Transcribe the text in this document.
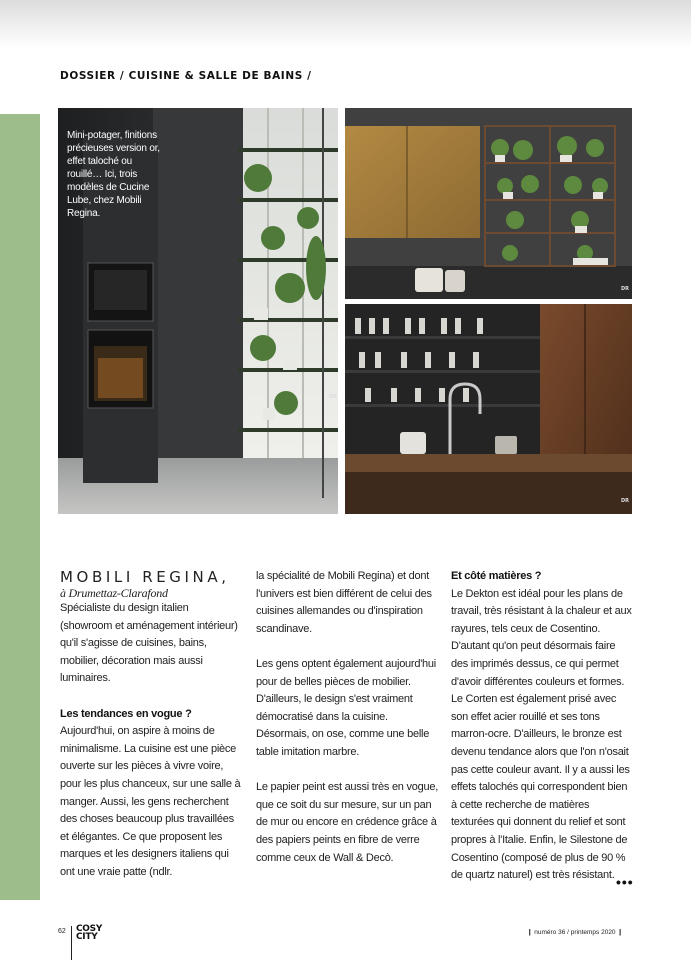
DOSSIER / CUISINE & SALLE DE BAINS /
Mini-potager, finitions précieuses version or, effet taloché ou rouillé… Ici, trois modèles de Cucine Lube, chez Mobili Regina.
DR
DR
DR

MOBILI REGINA,

à Drumettaz-Clarafond

Spécialiste du design italien (showroom et aménagement intérieur) qu'il s'agisse de cuisines, bains, mobilier, décoration mais aussi luminaires.

Les tendances en vogue ?

Aujourd'hui, on aspire à moins de minimalisme. La cuisine est une pièce ouverte sur les pièces à vivre voire, pour les plus chanceux, sur une salle à manger. Aussi, les gens recherchent des choses beaucoup plus travaillées et élégantes. Ce que proposent les marques et les designers italiens qui ont une vraie patte (ndlr.

la spécialité de Mobili Regina) et dont l'univers est bien différent de celui des cuisines allemandes ou d'inspiration scandinave.

Les gens optent également aujourd'hui pour de belles pièces de mobilier. D'ailleurs, le design s'est vraiment démocratisé dans la cuisine. Désormais, on ose, comme une belle table imitation marbre.

Le papier peint est aussi très en vogue, que ce soit du sur mesure, sur un pan de mur ou encore en crédence grâce à des papiers peints en fibre de verre comme ceux de Wall & Decò.

Et côté matières ?

Le Dekton est idéal pour les plans de travail, très résistant à la chaleur et aux rayures, tels ceux de Cosentino. D'autant qu'on peut désormais faire des imprimés dessus, ce qui permet d'avoir différentes couleurs et formes. Le Corten est également prisé avec son effet acier rouillé et ses tons marron-ocre. D'ailleurs, le bronze est devenu tendance alors que l'on n'osait pas cette couleur avant. Il y a aussi les effets talochés qui correspondent bien à cette recherche de matières texturées qui donnent du relief et sont propres à l'Italie. Enfin, le Silestone de Cosentino (composé de plus de 90 % de quartz naturel) est très résistant. •••
62 COSY
CITY	❙ numéro 36 / printemps 2020 ❙
